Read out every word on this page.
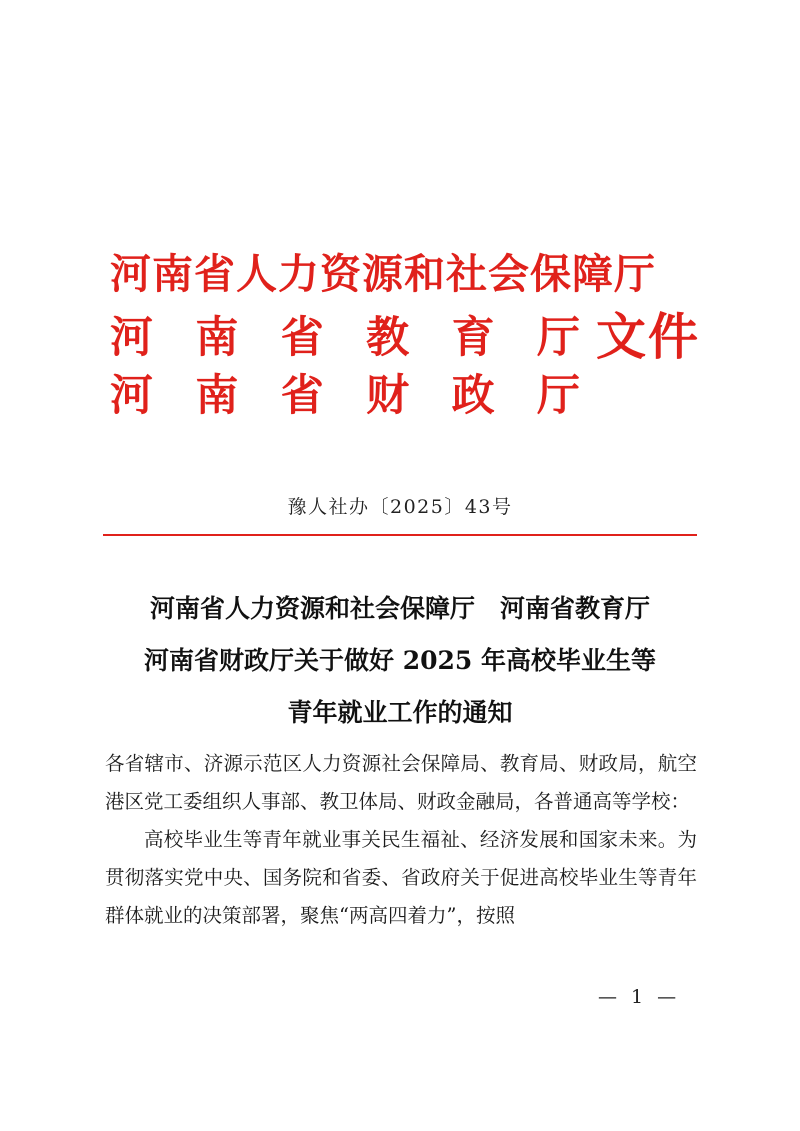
河南省人力资源和社会保障厅
河 南 省 教 育 厅
河 南 省 财 政 厅
文件
豫人社办〔2025〕43号
河南省人力资源和社会保障厅　河南省教育厅
河南省财政厅关于做好 2025 年高校毕业生等
青年就业工作的通知

各省辖市、济源示范区人力资源社会保障局、教育局、财政局，航空港区党工委组织人事部、教卫体局、财政金融局，各普通高等学校：

高校毕业生等青年就业事关民生福祉、经济发展和国家未来。为贯彻落实党中央、国务院和省委、省政府关于促进高校毕业生等青年群体就业的决策部署，聚焦“两高四着力”，按照

— 1 —
